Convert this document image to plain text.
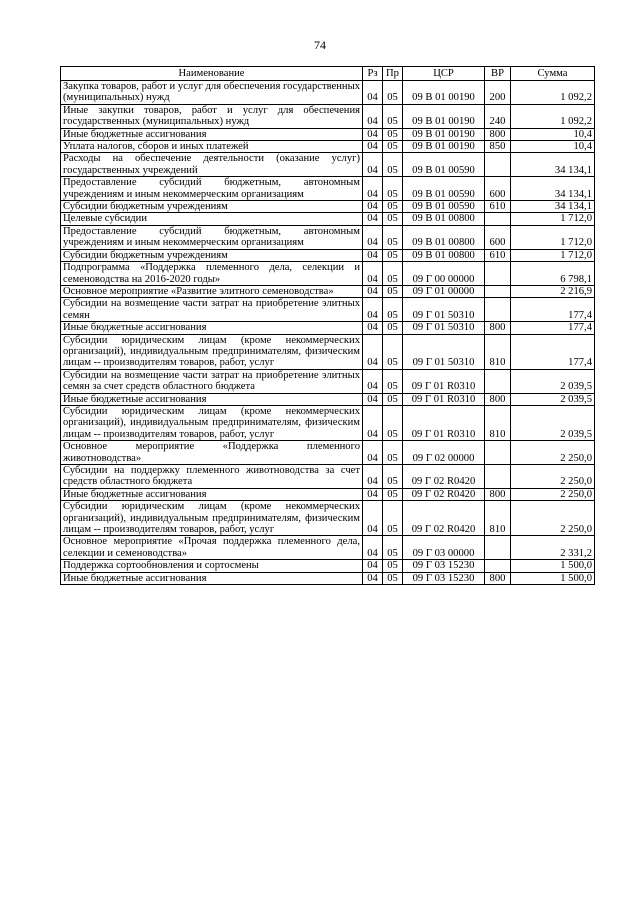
74
Наименование	Рз	Пр	ЦСР	ВР	Сумма
Закупка товаров, работ и услуг для обеспечения государственных (муниципальных) нужд	04	05	09 В 01 00190	200	1 092,2
Иные закупки товаров, работ и услуг для обеспечения государственных (муниципальных) нужд	04	05	09 В 01 00190	240	1 092,2
Иные бюджетные ассигнования	04	05	09 В 01 00190	800	10,4
Уплата налогов, сборов и иных платежей	04	05	09 В 01 00190	850	10,4
Расходы на обеспечение деятельности (оказание услуг) государственных учреждений	04	05	09 В 01 00590		34 134,1
Предоставление субсидий бюджетным, автономным учреждениям и иным некоммерческим организациям	04	05	09 В 01 00590	600	34 134,1
Субсидии бюджетным учреждениям	04	05	09 В 01 00590	610	34 134,1
Целевые субсидии	04	05	09 В 01 00800		1 712,0
Предоставление субсидий бюджетным, автономным учреждениям и иным некоммерческим организациям	04	05	09 В 01 00800	600	1 712,0
Субсидии бюджетным учреждениям	04	05	09 В 01 00800	610	1 712,0
Подпрограмма «Поддержка племенного дела, селекции и семеноводства на 2016-2020 годы»	04	05	09 Г 00 00000		6 798,1
Основное мероприятие «Развитие элитного семеноводства»	04	05	09 Г 01 00000		2 216,9
Субсидии на возмещение части затрат на приобретение элитных семян	04	05	09 Г 01 50310		177,4
Иные бюджетные ассигнования	04	05	09 Г 01 50310	800	177,4
Субсидии юридическим лицам (кроме некоммерческих организаций), индивидуальным предпринимателям, физическим лицам -- производителям товаров, работ, услуг	04	05	09 Г 01 50310	810	177,4
Субсидии на возмещение части затрат на приобретение элитных семян за счет средств областного бюджета	04	05	09 Г 01 R0310		2 039,5
Иные бюджетные ассигнования	04	05	09 Г 01 R0310	800	2 039,5
Субсидии юридическим лицам (кроме некоммерческих организаций), индивидуальным предпринимателям, физическим лицам -- производителям товаров, работ, услуг	04	05	09 Г 01 R0310	810	2 039,5
Основное мероприятие «Поддержка племенного животноводства»	04	05	09 Г 02 00000		2 250,0
Субсидии на поддержку племенного животноводства за счет средств областного бюджета	04	05	09 Г 02 R0420		2 250,0
Иные бюджетные ассигнования	04	05	09 Г 02 R0420	800	2 250,0
Субсидии юридическим лицам (кроме некоммерческих организаций), индивидуальным предпринимателям, физическим лицам -- производителям товаров, работ, услуг	04	05	09 Г 02 R0420	810	2 250,0
Основное мероприятие «Прочая поддержка племенного дела, селекции и семеноводства»	04	05	09 Г 03 00000		2 331,2
Поддержка сортообновления и сортосмены	04	05	09 Г 03 15230		1 500,0
Иные бюджетные ассигнования	04	05	09 Г 03 15230	800	1 500,0
